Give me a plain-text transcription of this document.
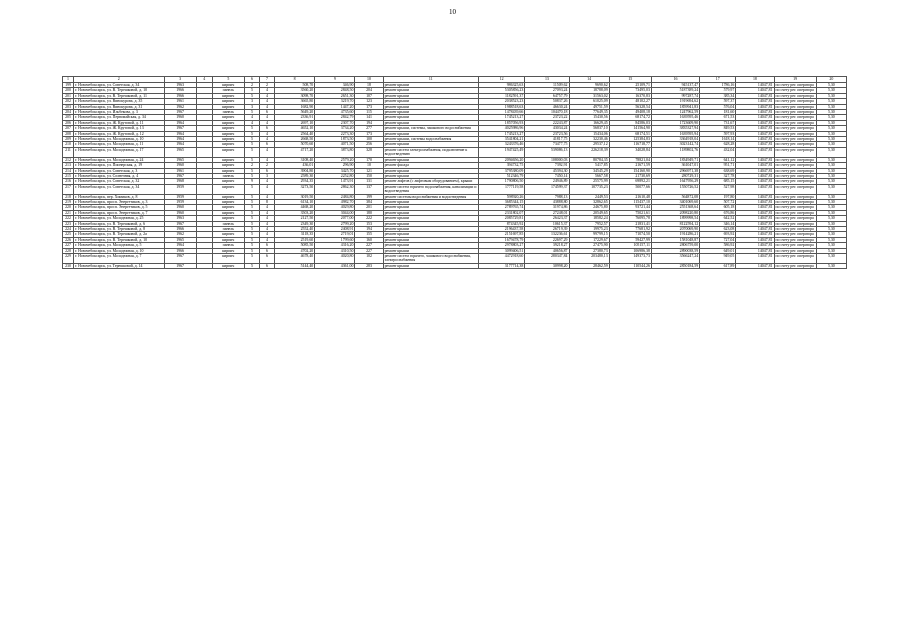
10
1	2	3	4	5	6	7	8	9	10	11	12	13	14	15	16	17	18	19	20
199	г. Новочебоксарск, ул. Советская, д. 34	1963		кирпич	2	2	508,70	346,90	18	ремонт крыши	986325,63	11509,62	9690,62	25109,71	945137,47	1786,16	14047,81	по счету рег. оператора	5,30
200	г. Новочебоксарск, ул. В. Терешковой, д. 10	1966		панель	5	4	3560,20	2848,50	204	ремонт крыши	5305856,23	27093,24	18788,09	73495,03	5187389,24	579,97	14047,81	по счету рег. оператора	5,30
201	г. Новочебоксарск, ул. В. Терешковой, д. 11	1966		кирпич	5	4	3098,70	2651,30	107	ремонт крыши	1182591,37	64757,79	31563,02	16370,83	997287,74	385,34	14047,81	по счету рег. оператора	5,30
202	г. Новочебоксарск, ул. Винокурова, д. 35	1961		кирпич	3	4	3665,80	3219,70	123	ремонт крыши	2038523,23	50837,26	61025,09	48102,27	1919694,62	597,37	14047,81	по счету рег. оператора	5,30
203	г. Новочебоксарск, ул. Винокурова, д. 31	1962		кирпич	3	4	1682,90	1447,20	173	ремонт крыши	1988518,63	46630,24	49751,59	56328,54	1859941,83	576,04	14047,81	по счету рег. оператора	5,30
204	г. Новочебоксарск, ул. Ильбекова, д. 3	1967		панель	5	6	5649,20	4735,60	115	ремонт крыши	1478439,66	104470,18	77649,35	49408,18	1247962,59	181,60	14047,81	по счету рег. оператора	5,30
205	г. Новочебоксарск, ул. Первомайская, д. 34	1960		кирпич	4	4	2336,91	2842,79	141	ремонт крыши	1745213,27	23723,22	15430,56	68174,72	1639595,46	671,53	14047,81	по счету рег. оператора	5,30
206	г. Новочебоксарск, ул. Ж. Крутовой, д. 11	1964		кирпич	4	4	2697,10	2307,70	194	ремонт крыши	1857056,93	22243,87	16629,45	84586,03	1723609,90	731,67	14047,81	по счету рег. оператора	5,30
207	г. Новочебоксарск, ул. Ж. Крутовой, д. 13	1967		кирпич	5	6	4652,10	3734,20	277	ремонт крыши, системы, чашкового водоснабжения	4025986,96	43034,24	56837,10	141564,90	3835327,94	849,53	14047,81	по счету рег. оператора	5,30
208	г. Новочебоксарск, ул. Ж. Крутовой, д. 12	1964		кирпич	5	4	2564,40	2273,30	173	ремонт крыши	1745213,27	23723,56	15434,06	68174,51	1639595,94	597,93	14047,81	по счету рег. оператора	5,30
209	г. Новочебоксарск, ул. Молодежная, д. 10	1964		кирпич	5	4	2668,50	1873,50	100	ремонт крыши, системы водоснабжения	3541804,21	41817,75	32230,46	125384,83	3364918,04	1618,14	14047,81	по счету рег. оператора	5,30
210	г. Новочебоксарск, ул. Молодежная, д. 11	1964		кирпич	5	6	5070,60	4071,50	256	ремонт крыши	3243376,46	73477,75	29537,12	116718,77	3023142,74	628,28	14047,81	по счету рег. оператора	5,30
211	г. Новочебоксарск, ул. Молодежная, д. 17	1965		кирпич	5	4	4717,20	3873,80	328	ремонт систем электроснабжения, подключение к водоотведению	1947425,49	539086,13	226218,39	34028,84	1189802,76	432,04	14047,81	по счету рег. оператора	5,30
212	г. Новочебоксарск, ул. Молодежная, д. 24	1965		кирпич	5	4	3108,40	2579,20	170	ремонт крыши	2094656,20	108000,03	80784,35	78821,04	1834949,71	641,12	14047,81	по счету рег. оператора	5,30
213	г. Новочебоксарск, ул. Пионерская, д. 19	1960		кирпич	2	2	436,01	296,90	10	ремонт фасада	394732,75	7392,91	5417,85	21671,59	361047,01	951,71	14047,81	по счету рег. оператора	5,30
214	г. Новочебоксарск, ул. Советская, д. 3	1961		кирпич	5	6	3904,80	3425,70	121	ремонт крыши	3795380,09	45394,30	34545,29	154160,90	2966971,38	638,69	14047,81	по счету рег. оператора	5,30
215	г. Новочебоксарск, ул. Солнечная, д. 4	1967		панель	5	3	2589,30	2252,80	150	ремонт крыши	512346,79	7450,14	5667,58	21730,69	280729,31	327,78	14047,81	по счету рег. оператора	5,30
216	г. Новочебоксарск, ул. Советская, д. 32	1968		кирпич	9	4	2934,35	1473,91	131	ремонт лифтов (с лифтовым оборудованием), крыши	1790806,50	24946,89	25575,99	69892,21	1647956,29	685,15	14047,81	по счету рег. оператора	5,30
217	г. Новочебоксарск, ул. Советская, д. 34	1959		кирпич	5	4	3273,50	2862,30	137	ремонт систем горячего водоснабжения, канализации и водоотведения	1777119,58	174599,37	107735,23	50077,66	1550726,52	527,98	14047,81	по счету рег. оператора	5,30
218	г. Новочебоксарск, пер. Химиков, д. 8	1959		кирпич	5	4	3019,50	2484,80	199	ремонт системы водоснабжения и водоотведения	598920,26	7988,13	2449,53	21610,48	564872,08	197,80	14047,81	по счету рег. оператора	5,30
219	г. Новочебоксарск, просп. Энергетиков, д. 3	1959		кирпич	5	8	6134,10	4982,70	384	ремонт крыши	3685344,15	43888,80	32862,65	115437,10	3401069,60	507,72	14047,81	по счету рег. оператора	5,30
220	г. Новочебоксарск, просп. Энергетиков, д. 5	1960		кирпич	5	4	4468,20	4029,80	201	ремонт крыши	2789765,74	31974,86	24675,80	93721,44	2551368,64	605,18	14047,81	по счету рег. оператора	5,30
221	г. Новочебоксарск, просп. Энергетиков, д. 7	1960		кирпич	5	4	3503,20	3044,00	180	ремонт крыши	2331802,07	27248,01	20549,65	75021,61	2098220,80	676,86	14047,81	по счету рег. оператора	5,30
222	г. Новочебоксарск, ул. Молодежная, д. 25	1963		кирпич	5	4	2127,50	2077,00	222	ремонт крыши	2085729,81	26423,37	18582,24	76095,78	1899998,54	642,52	14047,81	по счету рег. оператора	5,30
223	г. Новочебоксарск, ул. В. Терешковой, д. 6	1967		панель	5	4	2349,30	2799,20	153	ремонт крыши	874345,92	10615,37	7952,57	21831,41	8122594,12	346,14	14047,81	по счету рег. оператора	5,30
224	г. Новочебоксарск, ул. В. Терешковой, д. 8	1966		панель	5	4	2552,40	2408,91	194	ремонт крыши	2196437,58	26719,39	19975,23	77681,92	2070069,90	623,08	14047,81	по счету рег. оператора	5,30
225	г. Новочебоксарск, ул. В. Терешковой, д. 2a	1962		кирпич	5	4	3118,35	2719,01	155	ремонт крыши	2151697,85	132236,61	99799,15	71074,50	1914286,21	693,92	14047,81	по счету рег. оператора	5,30
226	г. Новочебоксарск, ул. В. Терешковой, д. 10	1965		кирпич	5	4	2519,60	1799,60	160	ремонт крыши	1679478,79	22697,29	17229,67	59427,99	1581048,87	727,04	14047,81	по счету рег. оператора	5,30
227	г. Новочебоксарск, ул. Молодежная, д. 5	1964		панель	5	6	5085,50	4316,20	227	ремонт крыши	2978803,27	39218,27	27475,90	105157,11	2806759,00	586,92	14047,81	по счету рег. оператора	5,30
228	г. Новочебоксарск, ул. Молодежная, д. 10	1966		кирпич	5	6	4702,20	4310,50	227	ремонт крыши	3099406,51	40656,87	27380,73	106986,38	2890038,59	649,01	14047,81	по счету рег. оператора	5,30
229	г. Новочебоксарск, ул. Молодежная, д. 7	1967		кирпич	5	6	4678,40	4020,80	102	ремонт систем горячего, чашкового водоснабжения, электроснабжения	4472918,60	280347,84	203480,13	149373,73	3566247,24	949,05	14047,81	по счету рег. оператора	5,30
230	г. Новочебоксарск, ул. Терешковой, д. 14	1967		кирпич	5	6	5144,40	4361,00	283	ремонт крыши	3177714,38	30998,20	28462,59	110544,26	2850184,59	617,89	14047,81	по счету рег. оператора	5,30
